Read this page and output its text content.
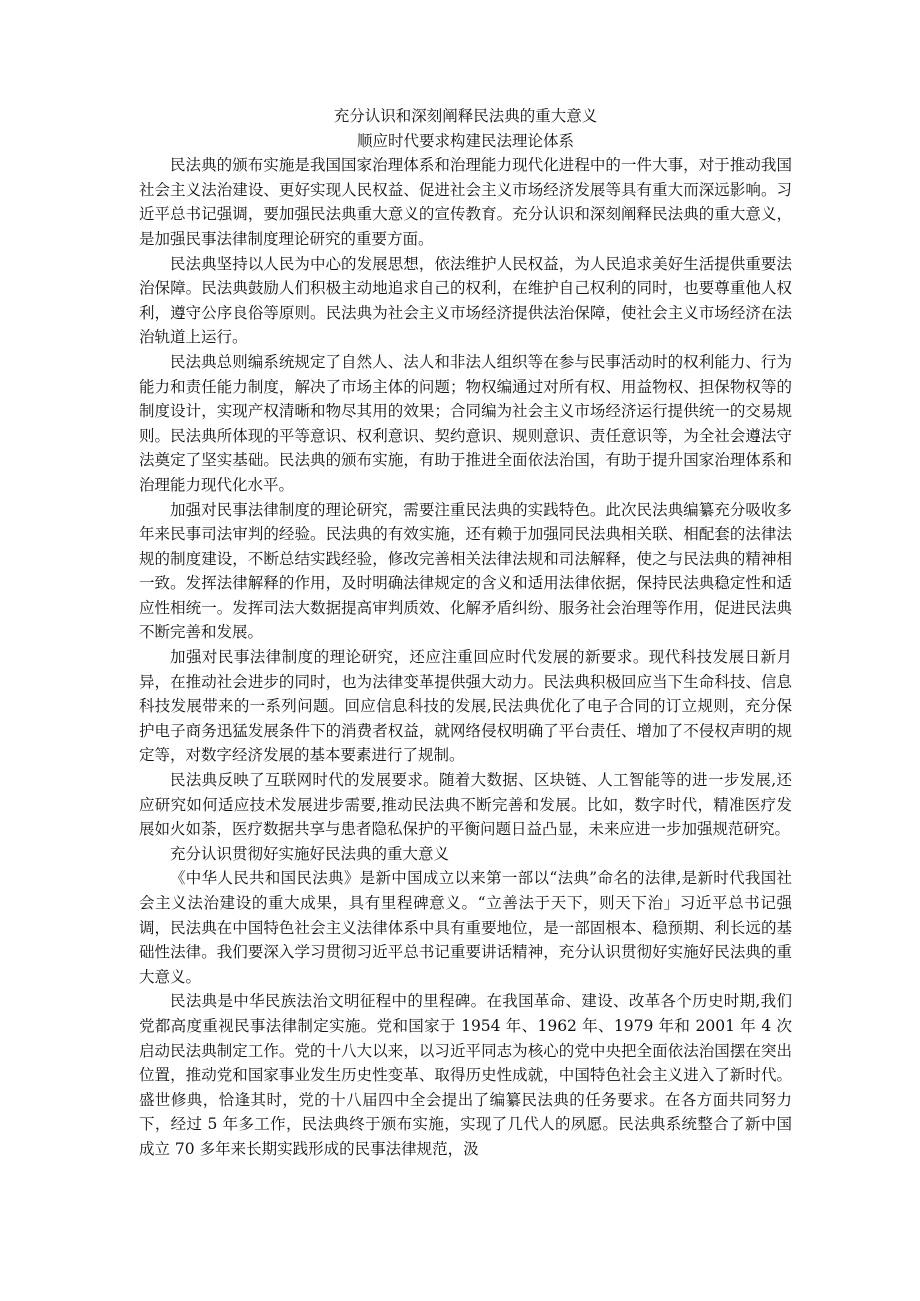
充分认识和深刻阐释民法典的重大意义

顺应时代要求构建民法理论体系

民法典的颁布实施是我国国家治理体系和治理能力现代化进程中的一件大事，对于推动我国社会主义法治建设、更好实现人民权益、促进社会主义市场经济发展等具有重大而深远影响。习近平总书记强调，要加强民法典重大意义的宣传教育。充分认识和深刻阐释民法典的重大意义，是加强民事法律制度理论研究的重要方面。

民法典坚持以人民为中心的发展思想，依法维护人民权益，为人民追求美好生活提供重要法治保障。民法典鼓励人们积极主动地追求自己的权利，在维护自己权利的同时，也要尊重他人权利，遵守公序良俗等原则。民法典为社会主义市场经济提供法治保障，使社会主义市场经济在法治轨道上运行。

民法典总则编系统规定了自然人、法人和非法人组织等在参与民事活动时的权利能力、行为能力和责任能力制度，解决了市场主体的问题；物权编通过对所有权、用益物权、担保物权等的制度设计，实现产权清晰和物尽其用的效果；合同编为社会主义市场经济运行提供统一的交易规则。民法典所体现的平等意识、权利意识、契约意识、规则意识、责任意识等，为全社会遵法守法奠定了坚实基础。民法典的颁布实施，有助于推进全面依法治国，有助于提升国家治理体系和治理能力现代化水平。

加强对民事法律制度的理论研究，需要注重民法典的实践特色。此次民法典编纂充分吸收多年来民事司法审判的经验。民法典的有效实施，还有赖于加强同民法典相关联、相配套的法律法规的制度建设，不断总结实践经验，修改完善相关法律法规和司法解释，使之与民法典的精神相一致。发挥法律解释的作用，及时明确法律规定的含义和适用法律依据，保持民法典稳定性和适应性相统一。发挥司法大数据提高审判质效、化解矛盾纠纷、服务社会治理等作用，促进民法典不断完善和发展。

加强对民事法律制度的理论研究，还应注重回应时代发展的新要求。现代科技发展日新月异，在推动社会进步的同时，也为法律变革提供强大动力。民法典积极回应当下生命科技、信息科技发展带来的一系列问题。回应信息科技的发展,民法典优化了电子合同的订立规则，充分保护电子商务迅猛发展条件下的消费者权益，就网络侵权明确了平台责任、增加了不侵权声明的规定等，对数字经济发展的基本要素进行了规制。

民法典反映了互联网时代的发展要求。随着大数据、区块链、人工智能等的进一步发展,还应研究如何适应技术发展进步需要,推动民法典不断完善和发展。比如，数字时代，精准医疗发展如火如荼，医疗数据共享与患者隐私保护的平衡问题日益凸显，未来应进一步加强规范研究。

充分认识贯彻好实施好民法典的重大意义

《中华人民共和国民法典》是新中国成立以来第一部以“法典”命名的法律,是新时代我国社会主义法治建设的重大成果，具有里程碑意义。“立善法于天下，则天下治」习近平总书记强调，民法典在中国特色社会主义法律体系中具有重要地位，是一部固根本、稳预期、利长远的基础性法律。我们要深入学习贯彻习近平总书记重要讲话精神，充分认识贯彻好实施好民法典的重大意义。

民法典是中华民族法治文明征程中的里程碑。在我国革命、建设、改革各个历史时期,我们党都高度重视民事法律制定实施。党和国家于 1954 年、1962 年、1979 年和 2001 年 4 次启动民法典制定工作。党的十八大以来，以习近平同志为核心的党中央把全面依法治国摆在突出位置，推动党和国家事业发生历史性变革、取得历史性成就，中国特色社会主义进入了新时代。盛世修典，恰逢其时，党的十八届四中全会提出了编纂民法典的任务要求。在各方面共同努力下，经过 5 年多工作，民法典终于颁布实施，实现了几代人的夙愿。民法典系统整合了新中国成立 70 多年来长期实践形成的民事法律规范，汲
